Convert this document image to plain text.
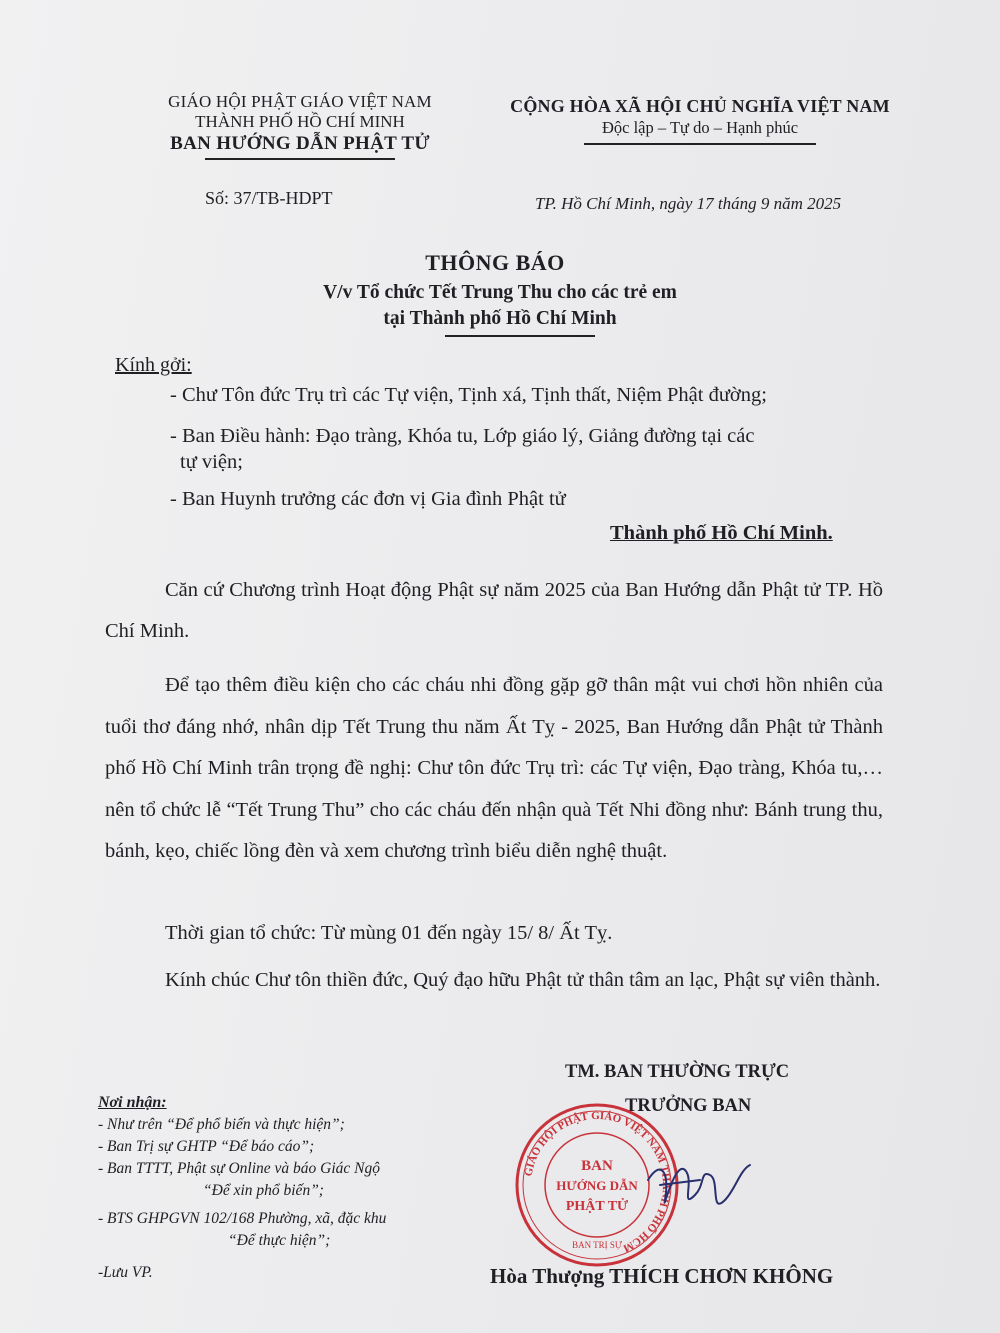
GIÁO HỘI PHẬT GIÁO VIỆT NAM
THÀNH PHỐ HỒ CHÍ MINH
BAN HƯỚNG DẪN PHẬT TỬ
CỘNG HÒA XÃ HỘI CHỦ NGHĨA VIỆT NAM
Độc lập – Tự do – Hạnh phúc
Số: 37/TB-HDPT	TP. Hồ Chí Minh, ngày 17 tháng 9 năm 2025
THÔNG BÁO
V/v Tổ chức Tết Trung Thu cho các trẻ em
tại Thành phố Hồ Chí Minh
Kính gởi:
- Chư Tôn đức Trụ trì các Tự viện, Tịnh xá, Tịnh thất, Niệm Phật đường;
- Ban Điều hành: Đạo tràng, Khóa tu, Lớp giáo lý, Giảng đường tại các
tự viện;
- Ban Huynh trưởng các đơn vị Gia đình Phật tử
Thành phố Hồ Chí Minh.
Căn cứ Chương trình Hoạt động Phật sự năm 2025 của Ban Hướng dẫn Phật tử TP. Hồ Chí Minh.
Để tạo thêm điều kiện cho các cháu nhi đồng gặp gỡ thân mật vui chơi hồn nhiên của tuổi thơ đáng nhớ, nhân dịp Tết Trung thu năm Ất Tỵ - 2025, Ban Hướng dẫn Phật tử Thành phố Hồ Chí Minh trân trọng đề nghị: Chư tôn đức Trụ trì: các Tự viện, Đạo tràng, Khóa tu,… nên tổ chức lễ “Tết Trung Thu” cho các cháu đến nhận quà Tết Nhi đồng như: Bánh trung thu, bánh, kẹo, chiếc lồng đèn và xem chương trình biểu diễn nghệ thuật.
Thời gian tổ chức: Từ mùng 01 đến ngày 15/ 8/ Ất Tỵ.
Kính chúc Chư tôn thiền đức, Quý đạo hữu Phật tử thân tâm an lạc, Phật sự viên thành.
TM. BAN THƯỜNG TRỰC
TRƯỞNG BAN
GIÁO HỘI PHẬT GIÁO VIỆT NAM THÀNH PHỐ HCM
BAN
HƯỚNG DẪN
PHẬT TỬ
BAN TRỊ SỰ
Hòa Thượng THÍCH CHƠN KHÔNG
Nơi nhận:
- Như trên “Để phổ biến và thực hiện”;
- Ban Trị sự GHTP “Để báo cáo”;
- Ban TTTT, Phật sự Online và báo Giác Ngộ
“Để xin phổ biến”;
- BTS GHPGVN 102/168 Phường, xã, đặc khu
“Để thực hiện”;
-Lưu VP.
